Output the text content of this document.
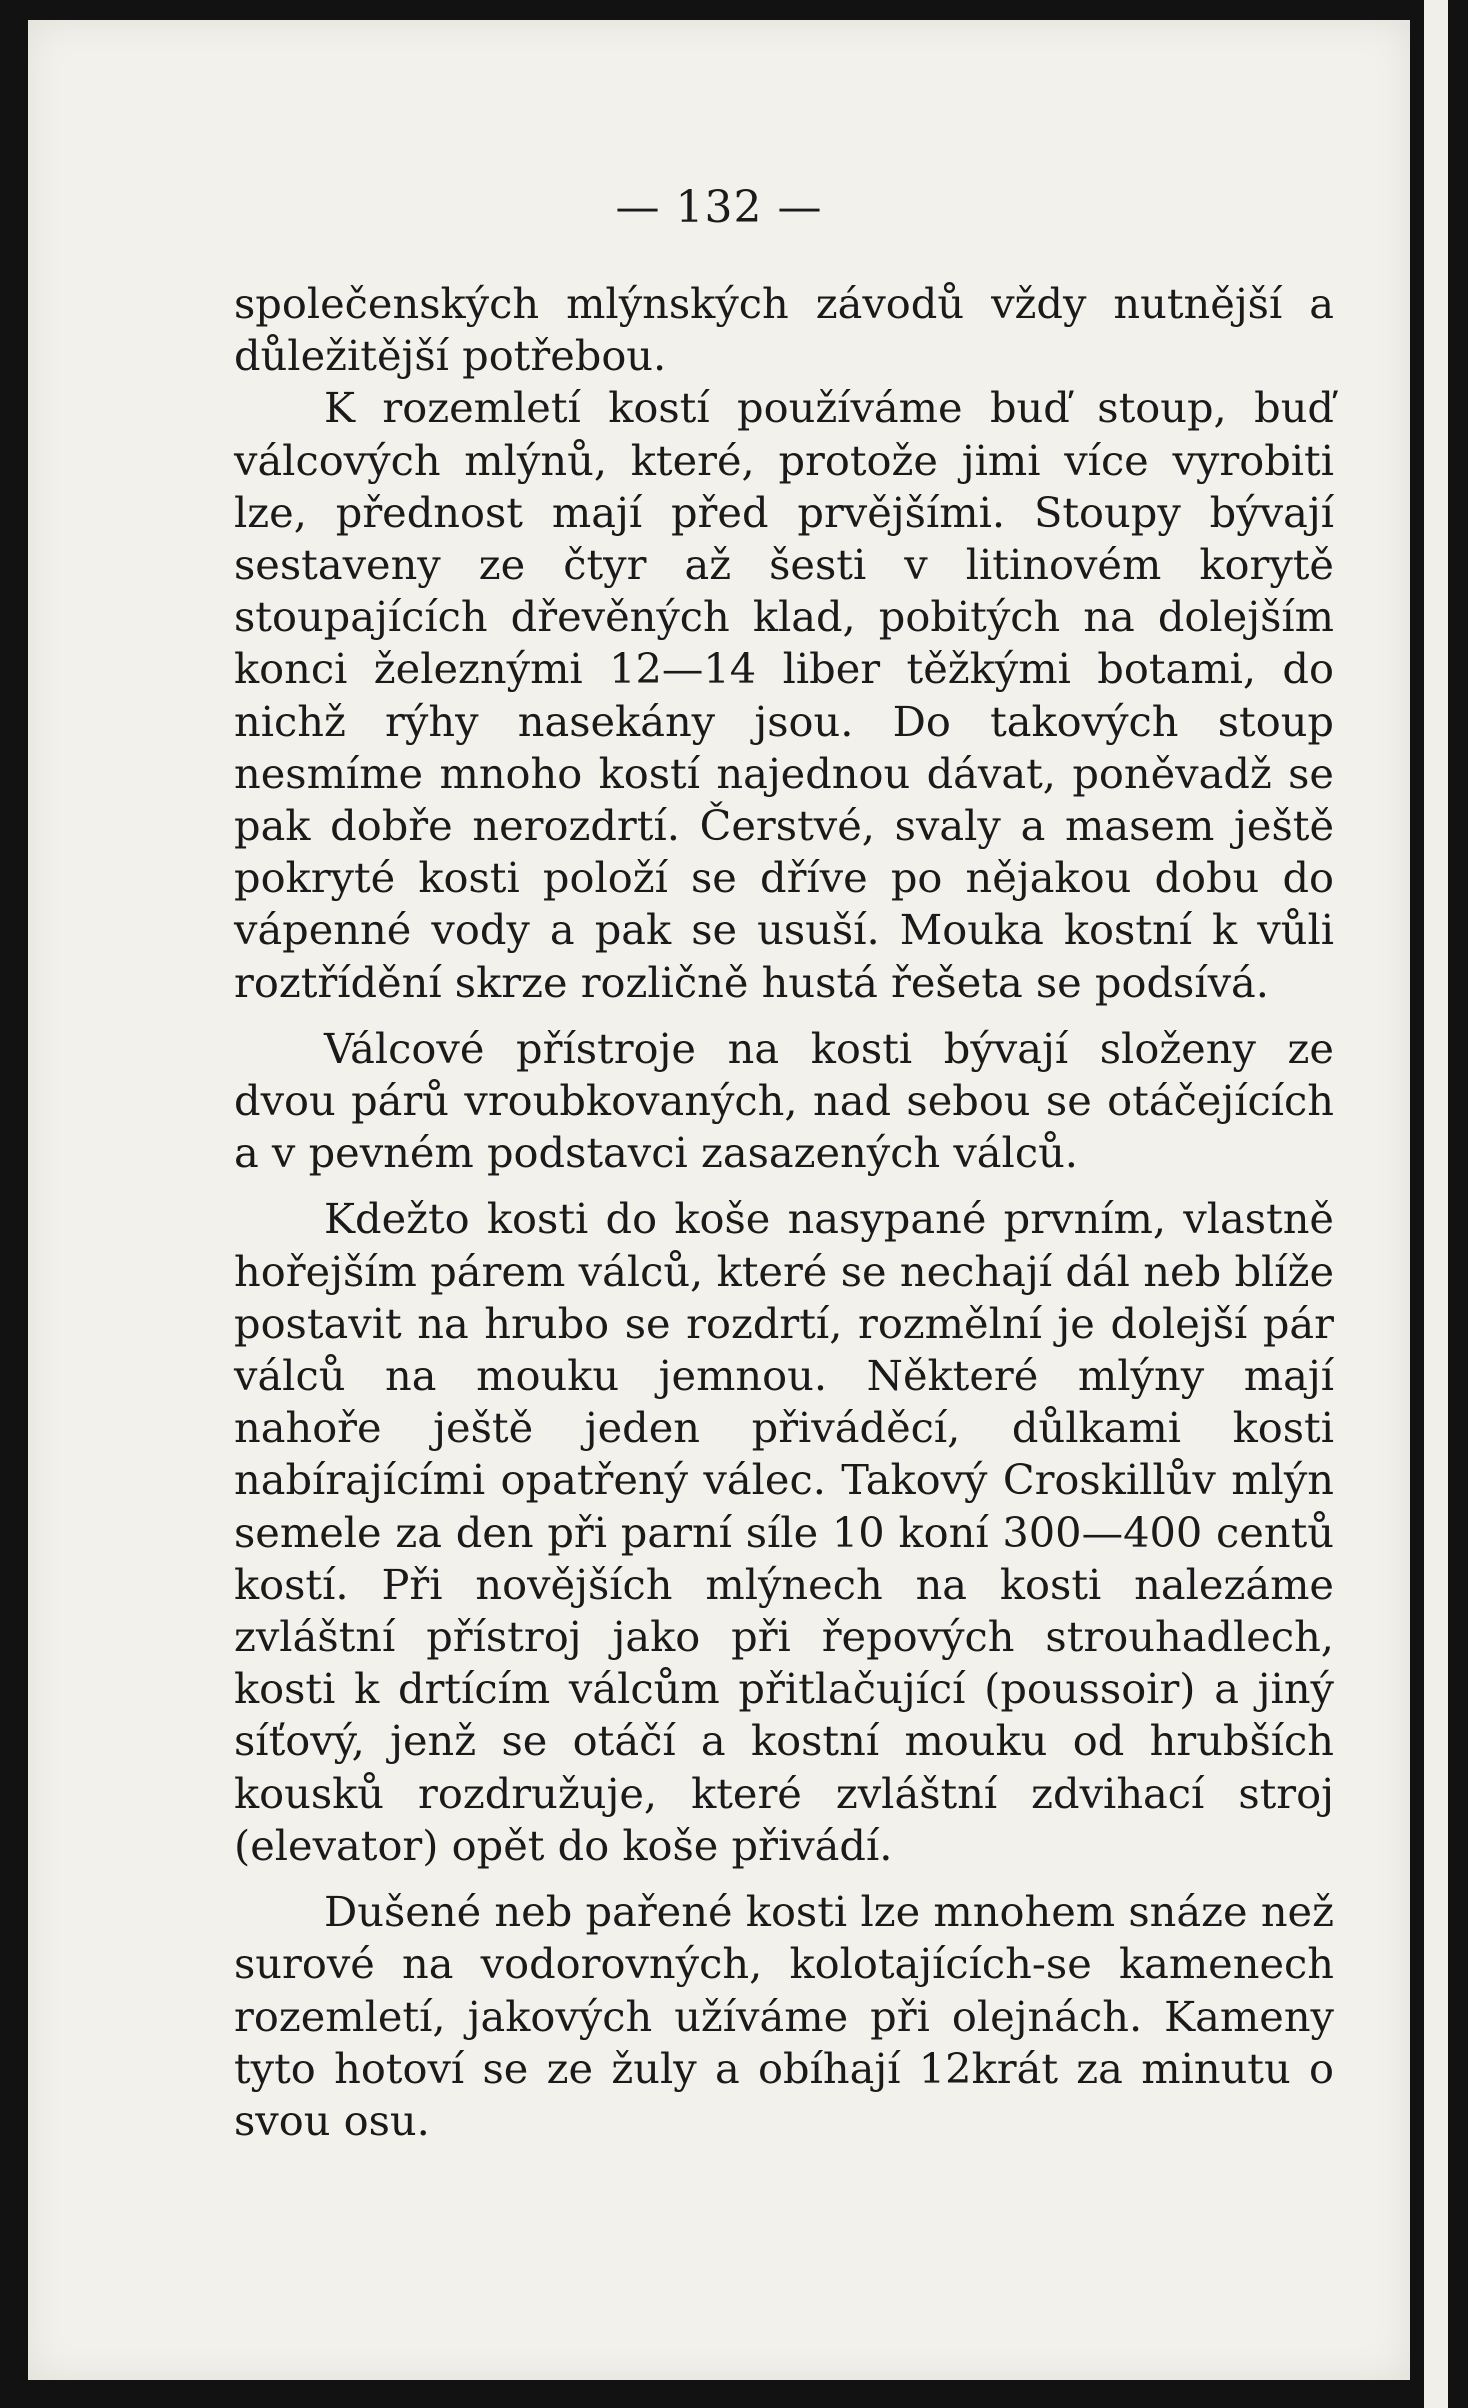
— 132 —

společenských mlýnských závodů vždy nutnější a důležitější potřebou.

K rozemletí kostí používáme buď stoup, buď válcových mlýnů, které, protože jimi více vyrobiti lze, přednost mají před prvějšími. Stoupy bývají sestaveny ze čtyr až šesti v litinovém korytě stoupajících dřevěných klad, pobitých na dolejším konci železnými 12—14 liber těžkými botami, do nichž rýhy nasekány jsou. Do takových stoup nesmíme mnoho kostí najednou dávat, poněvadž se pak dobře nerozdrtí. Čerstvé, svaly a masem ještě pokryté kosti položí se dříve po nějakou dobu do vápenné vody a pak se usuší. Mouka kostní k vůli roztřídění skrze rozličně hustá řešeta se podsívá.

Válcové přístroje na kosti bývají složeny ze dvou párů vroubkovaných, nad sebou se otáčejících a v pevném podstavci zasazených válců.

Kdežto kosti do koše nasypané prvním, vlastně hořejším párem válců, které se nechají dál neb blíže postavit na hrubo se rozdrtí, rozmělní je dolejší pár válců na mouku jemnou. Některé mlýny mají nahoře ještě jeden přiváděcí, důlkami kosti nabírajícími opatřený válec. Takový Croskillův mlýn semele za den při parní síle 10 koní 300—400 centů kostí. Při novějších mlýnech na kosti nalezáme zvláštní přístroj jako při řepových strouhadlech, kosti k drtícím válcům přitlačující (poussoir) a jiný síťový, jenž se otáčí a kostní mouku od hrubších kousků rozdružuje, které zvláštní zdvihací stroj (elevator) opět do koše přivádí.

Dušené neb pařené kosti lze mnohem snáze než surové na vodorovných, kolotajících-se kamenech rozemletí, jakových užíváme při olejnách. Kameny tyto hotoví se ze žuly a obíhají 12krát za minutu o svou osu.
